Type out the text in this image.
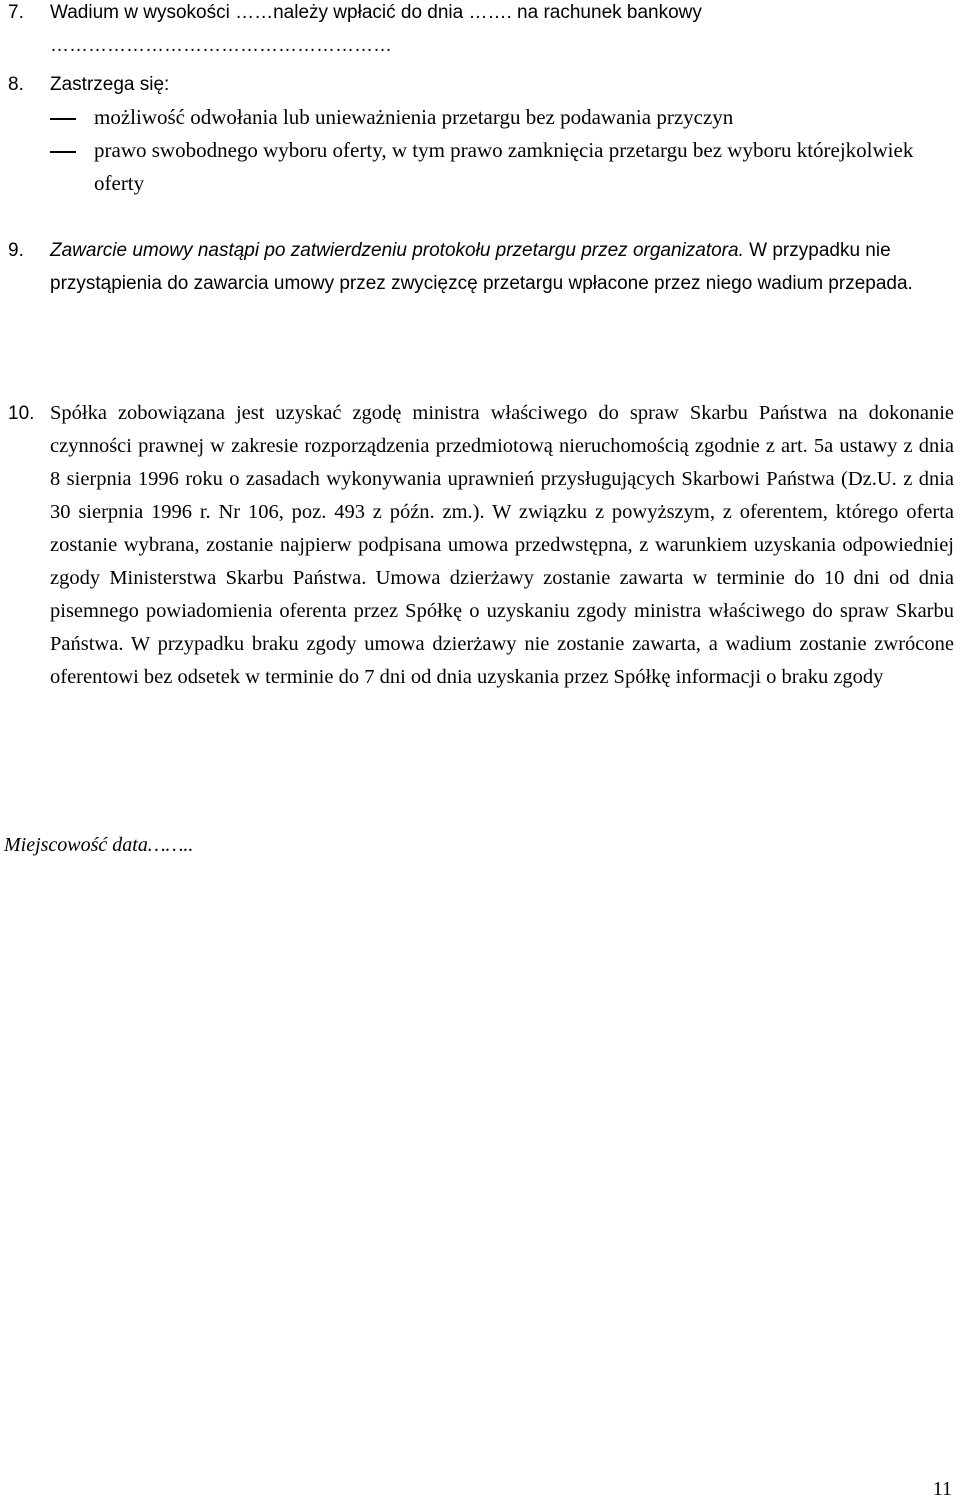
7. Wadium w wysokości ……należy wpłacić do dnia ……. na rachunek bankowy
………………………………………………
8. Zastrzega się:
możliwość odwołania lub unieważnienia przetargu bez podawania przyczyn
prawo swobodnego wyboru oferty, w tym prawo zamknięcia przetargu bez wyboru którejkolwiek oferty
9. Zawarcie umowy nastąpi po zatwierdzeniu protokołu przetargu przez organizatora. W przypadku nie przystąpienia do zawarcia umowy przez zwycięzcę przetargu wpłacone przez niego wadium przepada.
10. Spółka zobowiązana jest uzyskać zgodę ministra właściwego do spraw Skarbu Państwa na dokonanie czynności prawnej w zakresie rozporządzenia przedmiotową nieruchomością zgodnie z art. 5a ustawy z dnia 8 sierpnia 1996 roku o zasadach wykonywania uprawnień przysługujących Skarbowi Państwa (Dz.U. z dnia 30 sierpnia 1996 r. Nr 106, poz. 493 z późn. zm.). W związku z powyższym, z oferentem, którego oferta zostanie wybrana, zostanie najpierw podpisana umowa przedwstępna, z warunkiem uzyskania odpowiedniej zgody Ministerstwa Skarbu Państwa. Umowa dzierżawy zostanie zawarta w terminie do 10 dni od dnia pisemnego powiadomienia oferenta przez Spółkę o uzyskaniu zgody ministra właściwego do spraw Skarbu Państwa. W przypadku braku zgody umowa dzierżawy nie zostanie zawarta, a wadium zostanie zwrócone oferentowi bez odsetek w terminie do 7 dni od dnia uzyskania przez Spółkę informacji o braku zgody
Miejscowość data……..
11
